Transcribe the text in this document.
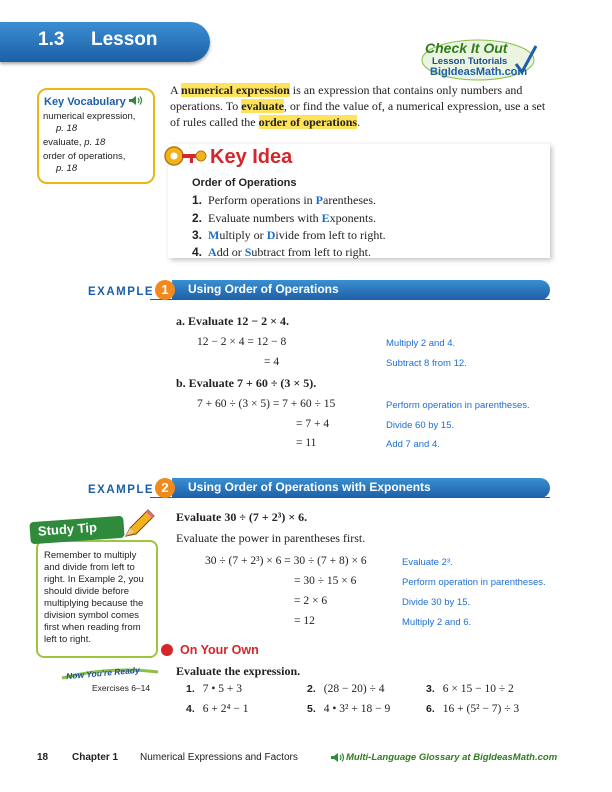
1.3 Lesson	Check It Out
Lesson Tutorials
BigIdeasMath.com
Key Vocabulary
numerical expression,
p. 18
evaluate, p. 18
order of operations,
p. 18
A numerical expression is an expression that contains only numbers and operations. To evaluate, or find the value of, a numerical expression, use a set of rules called the order of operations.
Key Idea
Order of Operations
1. Perform operations in Parentheses.
2. Evaluate numbers with Exponents.
3. Multiply or Divide from left to right.
4. Add or Subtract from left to right.
EXAMPLE	Using Order of Operations
1
a. Evaluate 12 − 2 × 4.
12 − 2 × 4 = 12 − 8	Multiply 2 and 4.
= 4	Subtract 8 from 12.
b. Evaluate 7 + 60 ÷ (3 × 5).
7 + 60 ÷ (3 × 5) = 7 + 60 ÷ 15	Perform operation in parentheses.
= 7 + 4	Divide 60 by 15.
= 11	Add 7 and 4.
EXAMPLE	Using Order of Operations with Exponents
2
Evaluate 30 ÷ (7 + 2³) × 6.
Evaluate the power in parentheses first.
30 ÷ (7 + 2³) × 6 = 30 ÷ (7 + 8) × 6	Evaluate 2³.
= 30 ÷ 15 × 6	Perform operation in parentheses.
= 2 × 6	Divide 30 by 15.
= 12	Multiply 2 and 6.
Study Tip
Remember to multiply and divide from left to right. In Example 2, you should divide before multiplying because the division symbol comes first when reading from left to right.
On Your Own
Evaluate the expression.
1. 7 • 5 + 3	2. (28 − 20) ÷ 4	3. 6 × 15 − 10 ÷ 2
4. 6 + 2⁴ − 1	5. 4 • 3² + 18 − 9	6. 16 + (5² − 7) ÷ 3
Now You're Ready
Exercises 6–14
18 Chapter 1 Numerical Expressions and Factors	Multi-Language Glossary at BigIdeasMath.com
